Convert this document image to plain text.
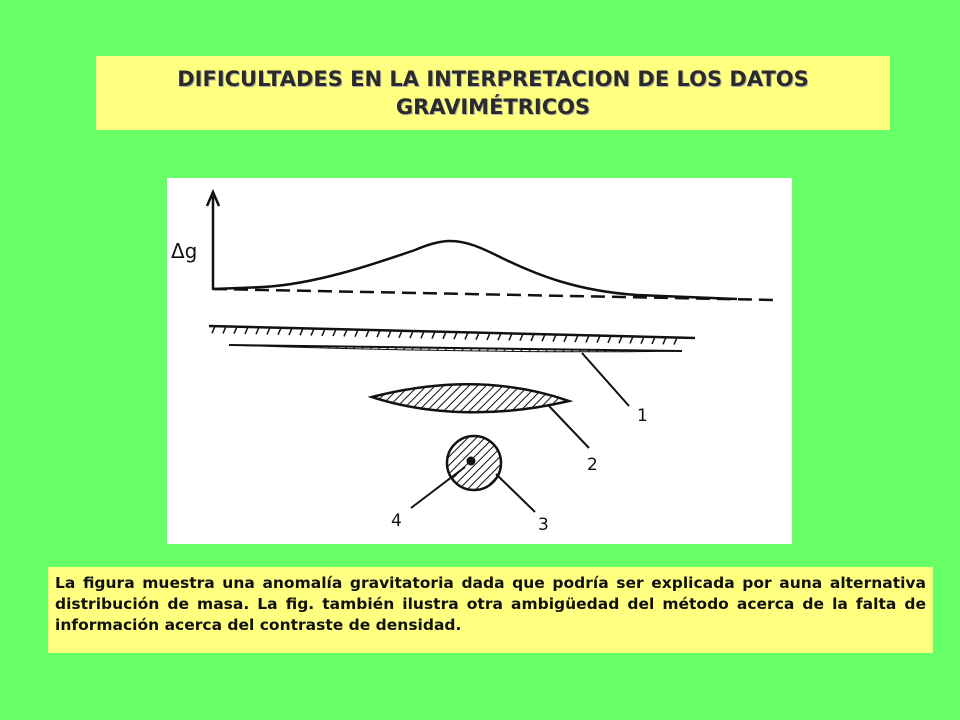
DIFICULTADES EN LA INTERPRETACION DE LOS DATOS GRAVIMÉTRICOS
Δg
1
2
3
4
La figura muestra una anomalía gravitatoria dada que podría ser explicada por auna alternativa distribución de masa. La fig. también ilustra otra ambigüedad del método acerca de la falta de información acerca del contraste de densidad.
